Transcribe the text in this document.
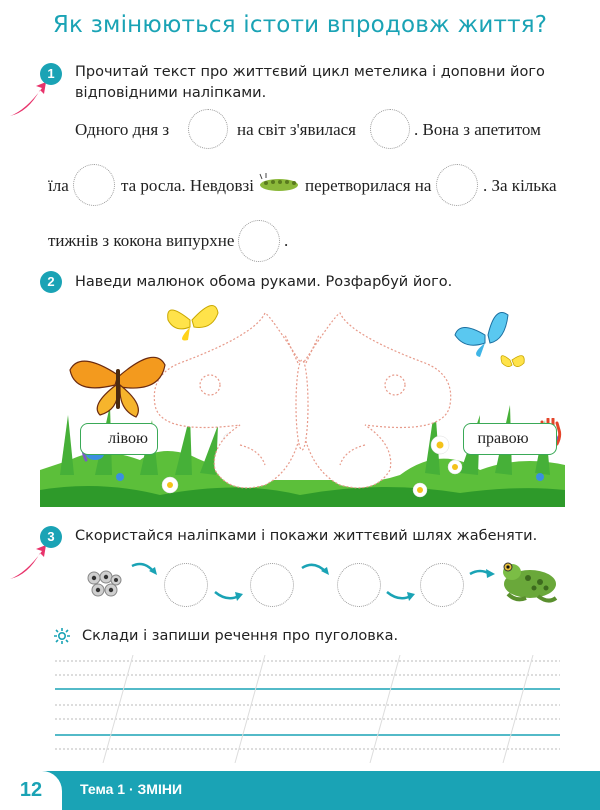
Як змінюються істоти впродовж життя?
1	Прочитай текст про життєвий цикл метелика і доповни його відповідними наліпками.
Одного дня з	на світ з'явилася	. Вона з апетитом
їла	та росла. Невдовзі	перетворилася на	. За кілька
тижнів з кокона випурхне	.
2	Наведи малюнок обома руками. Розфарбуй його.
лівою	правою
3	Скористайся наліпками і покажи життєвий шлях жабеняти.
Склади і запиши речення про пуголовка.
12	Тема 1 · ЗМІНИ
